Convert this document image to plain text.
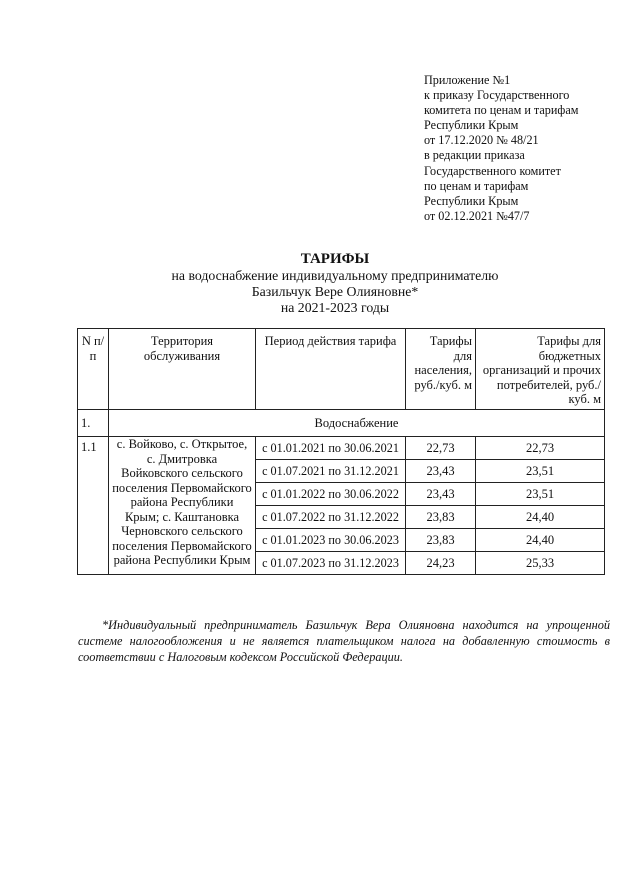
Приложение №1
к приказу Государственного
комитета по ценам и тарифам
Республики Крым
от 17.12.2020 № 48/21
в редакции приказа
Государственного комитет
по ценам и тарифам
Республики Крым
от 02.12.2021 №47/7
ТАРИФЫ
на водоснабжение индивидуальному предпринимателю
Базильчук Вере Олияновне*
на 2021-2023 годы
N п/п	Территория обслуживания	Период действия тарифа	Тарифы для населения, руб./куб. м	Тарифы для бюджетных организаций и прочих потребителей, руб./куб. м
1.	Водоснабжение			
1.1	с. Войково, с. Открытое, с. Дмитровка Войковского сельского поселения Первомайского района Республики Крым; с. Каштановка Черновского сельского поселения Первомайского района Республики Крым	с 01.01.2021 по 30.06.2021	22,73	22,73
		с 01.07.2021 по 31.12.2021	23,43	23,51
		с 01.01.2022 по 30.06.2022	23,43	23,51
		с 01.07.2022 по 31.12.2022	23,83	24,40
		с 01.01.2023 по 30.06.2023	23,83	24,40
		с 01.07.2023 по 31.12.2023	24,23	25,33
*Индивидуальный предприниматель Базильчук Вера Олияновна находится на упрощенной системе налогообложения и не является плательщиком налога на добавленную стоимость в соответствии с Налоговым кодексом Российской Федерации.
